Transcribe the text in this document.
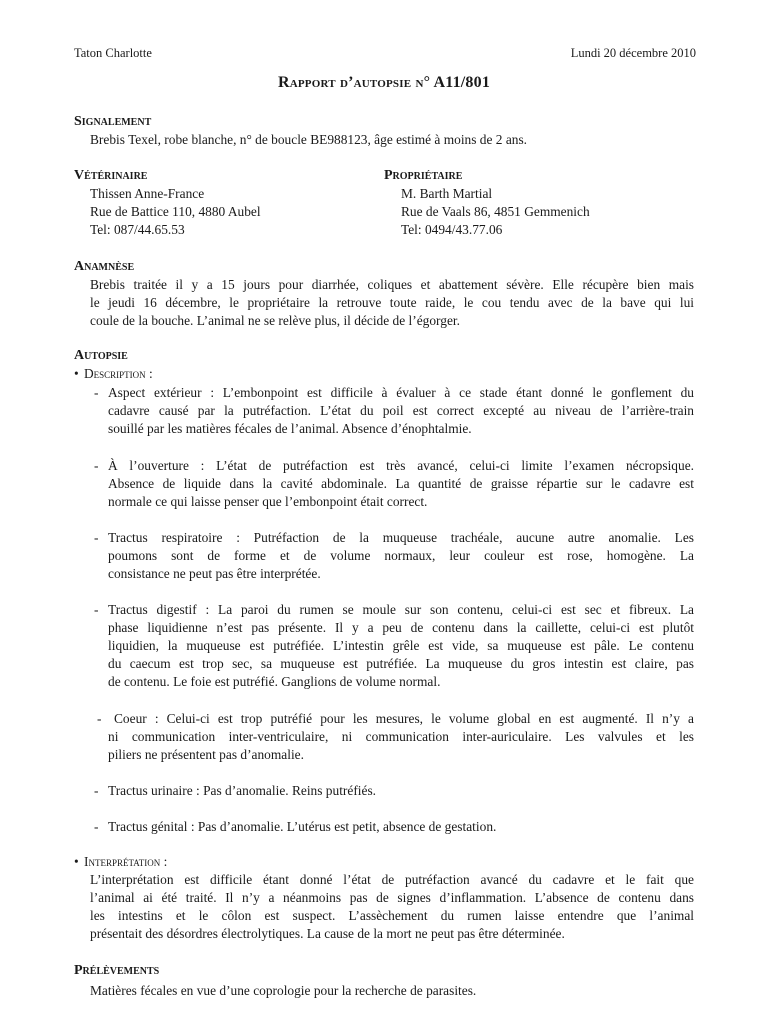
Taton Charlotte	Lundi 20 décembre 2010
Rapport d’autopsie n° A11/801
Signalement
Brebis Texel, robe blanche, n° de boucle BE988123, âge estimé à moins de 2 ans.
Vétérinaire
Thissen Anne-France
Rue de Battice 110, 4880 Aubel
Tel: 087/44.65.53
Propriétaire
M. Barth Martial
Rue de Vaals 86, 4851 Gemmenich
Tel: 0494/43.77.06
Anamnèse
Brebis traitée il y a 15 jours pour diarrhée, coliques et abattement sévère. Elle récupère bien mais
le jeudi 16 décembre, le propriétaire la retrouve toute raide, le cou tendu avec de la bave qui lui
coule de la bouche. L’animal ne se relève plus, il décide de l’égorger.
Autopsie
• Description :
- Aspect extérieur : L’embonpoint est difficile à évaluer à ce stade étant donné le gonflement du
cadavre causé par la putréfaction. L’état du poil est correct excepté au niveau de l’arrière-train
souillé par les matières fécales de l’animal. Absence d’énophtalmie.
- À l’ouverture : L’état de putréfaction est très avancé, celui-ci limite l’examen nécropsique.
Absence de liquide dans la cavité abdominale. La quantité de graisse répartie sur le cadavre est
normale ce qui laisse penser que l’embonpoint était correct.
- Tractus respiratoire : Putréfaction de la muqueuse trachéale, aucune autre anomalie. Les
poumons sont de forme et de volume normaux, leur couleur est rose, homogène. La
consistance ne peut pas être interprétée.
- Tractus digestif : La paroi du rumen se moule sur son contenu, celui-ci est sec et fibreux. La
phase liquidienne n’est pas présente. Il y a peu de contenu dans la caillette, celui-ci est plutôt
liquidien, la muqueuse est putréfiée. L’intestin grêle est vide, sa muqueuse est pâle. Le contenu
du caecum est trop sec, sa muqueuse est putréfiée. La muqueuse du gros intestin est claire, pas
de contenu. Le foie est putréfié. Ganglions de volume normal.
- Coeur : Celui-ci est trop putréfié pour les mesures, le volume global en est augmenté. Il n’y a
ni communication inter-ventriculaire, ni communication inter-auriculaire. Les valvules et les
piliers ne présentent pas d’anomalie.
- Tractus urinaire : Pas d’anomalie. Reins putréfiés.
- Tractus génital : Pas d’anomalie. L’utérus est petit, absence de gestation.
• Interprétation :
L’interprétation est difficile étant donné l’état de putréfaction avancé du cadavre et le fait que
l’animal ai été traité. Il n’y a néanmoins pas de signes d’inflammation. L’absence de contenu dans
les intestins et le côlon est suspect. L’assèchement du rumen laisse entendre que l’animal
présentait des désordres électrolytiques. La cause de la mort ne peut pas être déterminée.
Prélèvements
Matières fécales en vue d’une coprologie pour la recherche de parasites.
